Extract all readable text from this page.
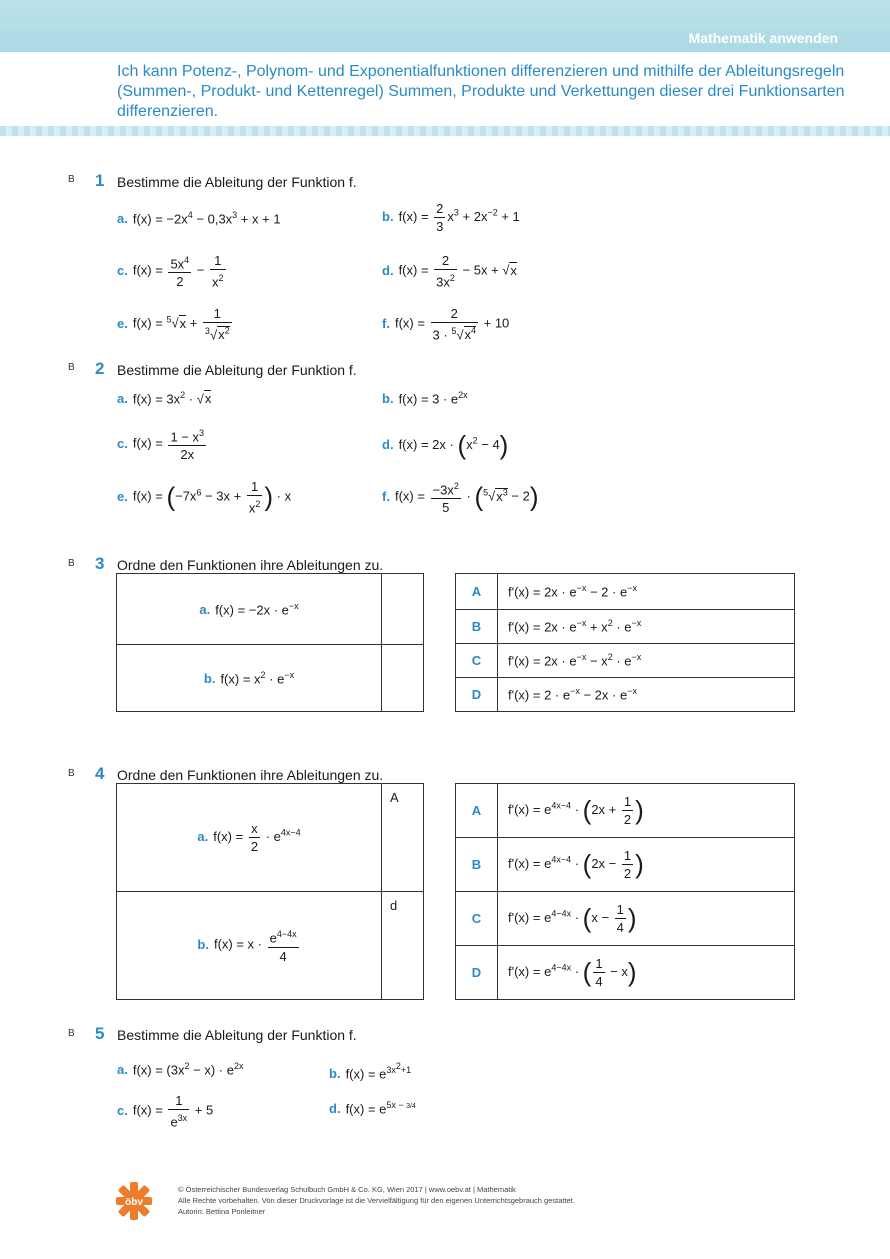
Mathematik anwenden
Ich kann Potenz-, Polynom- und Exponentialfunktionen differenzieren und mithilfe der Ableitungsregeln (Summen-, Produkt- und Kettenregel) Summen, Produkte und Verkettungen dieser drei Funktionsarten differenzieren.
B 1 Bestimme die Ableitung der Funktion f.
a. $f(x) = -2x^4 - 0,3x^3 + x + 1$	b. $f(x) = \frac{2}{3} x^3 + 2x^{-2} + 1$
c. $f(x) = \frac{5x^4}{2} - \frac{1}{x^2}$	d. $f(x) = \frac{2}{3x^2} - 5x + √x$
e. $f(x) = ^5√x + \frac{1}{^3√x^2}$	f. $f(x) = \frac{2}{3 \cdot ^5√x^4} + 10$
B 2 Bestimme die Ableitung der Funktion f.
a. $f(x) = 3x^2 \cdot √x$	b. $f(x) = 3 \cdot e^{2x}$
c. $f(x) = \frac{1 - x^3}{2x}$	d. $f(x) = 2x \cdot (x^2 - 4)$
e. $f(x) = (-7x^6 - 3x + \frac{1}{x^2}$ ) · x	f. $f(x) = \frac{-3x^2}{5} \cdot (^5√x^3 - 2)$
B 3 Ordne den Funktionen ihre Ableitungen zu.
a. $f(x) = -2x \cdot e^{-x}$	
b. $f(x) = x^2 \cdot e^{-x}$	
A	$f'(x) = 2x \cdot e^{-x} - 2 \cdot e^{-x}$
B	$f'(x) = 2x \cdot e^{-x} + x^2 \cdot e^{-x}$
C	$f'(x) = 2x \cdot e^{-x} - x^2 \cdot e^{-x}$
D	$f'(x) = 2 \cdot e^{-x} - 2x \cdot e^{-x}$
B 4 Ordne den Funktionen ihre Ableitungen zu.
a. $f(x) = \frac{x}{2} \cdot e^{4x-4}$	A
b. $f(x) = x \cdot \frac{e^{4-4x}}{4}$	d
A	$f'(x) = e^{4x-4} \cdot (2x + \frac{1}{2}$ )
B	$f'(x) = e^{4x-4} \cdot (2x - \frac{1}{2}$ )
C	$f'(x) = e^{4-4x} \cdot (x - \frac{1}{4}$ )
D	$f'(x) = e^{4-4x}$ · ( $\frac{1}{4} - x$)
B 5 Bestimme die Ableitung der Funktion f.
a. $f(x) = (3x^2 - x) \cdot e^{2x}$
b. $f(x) = e^{3x^2+1}$
c. $f(x) = \frac{1}{e^{3x}} + 5$	d. $f(x) = e^{5x - 3/4}$
öbv
© Österreichischer Bundesverlag Schulbuch GmbH & Co. KG, Wien 2017 | www.oebv.at | Mathematik
Alle Rechte vorbehalten. Von dieser Druckvorlage ist die Vervielfältigung für den eigenen Unterrichtsgebrauch gestattet.
Autorin: Bettina Ponleitner
